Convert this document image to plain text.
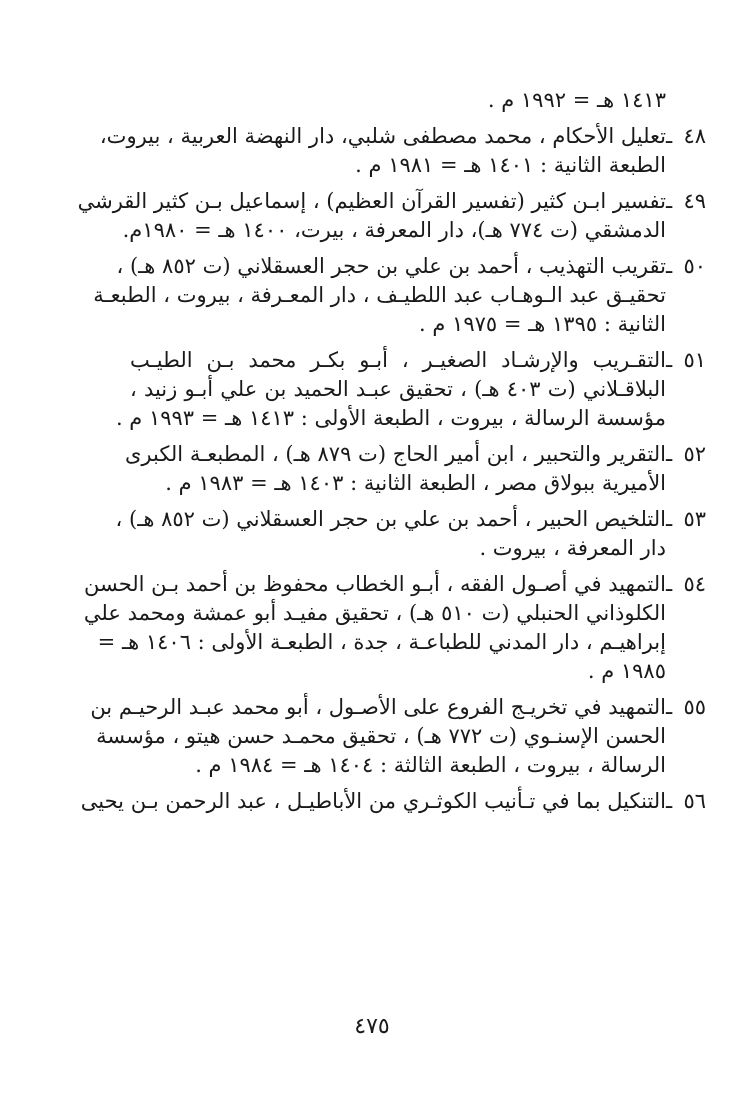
١٤١٣ هـ = ١٩٩٢ م .
٤٨ ـتعليل الأحكام ، محمد مصطفى شلبي، دار النهضة العربية ، بيروت،
الطبعة الثانية : ١٤٠١ هـ = ١٩٨١ م .
٤٩ ـتفسير ابـن كثير (تفسير القرآن العظيم) ، إسماعيل بـن كثير القرشي
الدمشقي (ت ٧٧٤ هـ)، دار المعرفة ، بيرت، ١٤٠٠ هـ = ١٩٨٠م.
٥٠ ـتقريب التهذيب ، أحمد بن علي بن حجر العسقلاني (ت ٨٥٢ هـ) ،
تحقيـق عبد الـوهـاب عبد اللطيـف ، دار المعـرفة ، بيروت ، الطبعـة
الثانية : ١٣٩٥ هـ = ١٩٧٥ م .
٥١ ـالتقـريب والإرشـاد الصغيـر ، أبـو بكـر محمد بـن الطيـب
البلاقـلاني (ت ٤٠٣ هـ) ، تحقيق عبـد الحميد بن علي أبـو زنيد ،
مؤسسة الرسالة ، بيروت ، الطبعة الأولى : ١٤١٣ هـ = ١٩٩٣ م .
٥٢ ـالتقرير والتحبير ، ابن أمير الحاج (ت ٨٧٩ هـ) ، المطبعـة الكبرى
الأميرية ببولاق مصر ، الطبعة الثانية : ١٤٠٣ هـ = ١٩٨٣ م .
٥٣ ـالتلخيص الحبير ، أحمد بن علي بن حجر العسقلاني (ت ٨٥٢ هـ) ،
دار المعرفة ، بيروت .
٥٤ ـالتمهيد في أصـول الفقه ، أبـو الخطاب محفوظ بن أحمد بـن الحسن
الكلوذاني الحنبلي (ت ٥١٠ هـ) ، تحقيق مفيـد أبو عمشة ومحمد علي
إبراهيـم ، دار المدني للطباعـة ، جدة ، الطبعـة الأولى : ١٤٠٦ هـ =
١٩٨٥ م .
٥٥ ـالتمهيد في تخريـج الفروع على الأصـول ، أبو محمد عبـد الرحيـم بن
الحسن الإسنـوي (ت ٧٧٢ هـ) ، تحقيق محمـد حسن هيتو ، مؤسسة
الرسالة ، بيروت ، الطبعة الثالثة : ١٤٠٤ هـ = ١٩٨٤ م .
٥٦ ـالتنكيل بما في تـأنيب الكوثـري من الأباطيـل ، عبد الرحمن بـن يحيى
٤٧٥
